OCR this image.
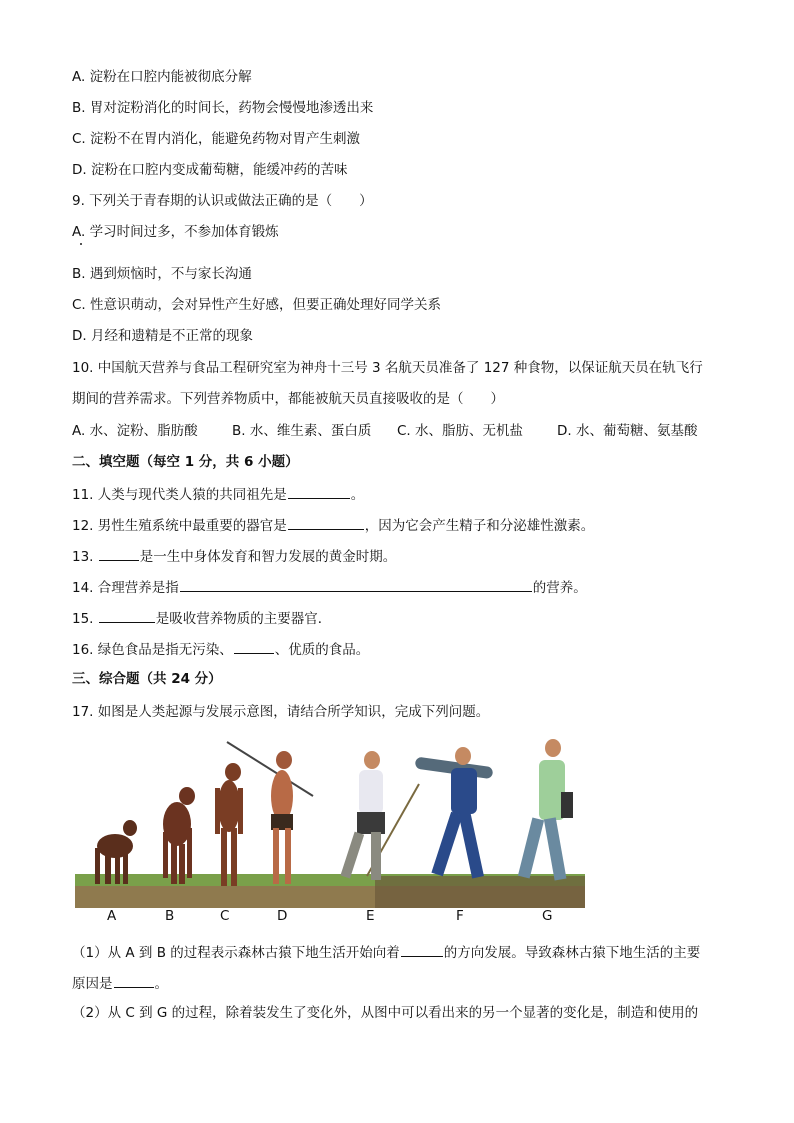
A. 淀粉在口腔内能被彻底分解
B. 胃对淀粉消化的时间长，药物会慢慢地渗透出来
C. 淀粉不在胃内消化，能避免药物对胃产生刺激
D. 淀粉在口腔内变成葡萄糖，能缓冲药的苦味
9. 下列关于青春期的认识或做法正确的是（　　）
A. 学习时间过多，不参加体育锻炼
B. 遇到烦恼时，不与家长沟通
C. 性意识萌动，会对异性产生好感，但要正确处理好同学关系
D. 月经和遗精是不正常的现象
10. 中国航天营养与食品工程研究室为神舟十三号 3 名航天员准备了 127 种食物，以保证航天员在轨飞行
期间的营养需求。下列营养物质中，都能被航天员直接吸收的是（　　）
A. 水、淀粉、脂肪酸	B. 水、维生素、蛋白质 C. 水、脂肪、无机盐	D. 水、葡萄糖、氨基酸
二、填空题（每空 1 分，共 6 小题）
11. 人类与现代类人猿的共同祖先是	。
12. 男性生殖系统中最重要的器官是	，因为它会产生精子和分泌雄性激素。
13.	是一生中身体发育和智力发展的黄金时期。
14. 合理营养是指	的营养。
15.	是吸收营养物质的主要器官．
16. 绿色食品是指无污染、	、优质的食品。
三、综合题（共 24 分）
17. 如图是人类起源与发展示意图，请结合所学知识，完成下列问题。
A	B	C	D	E	F	G
（1）从 A 到 B 的过程表示森林古猿下地生活开始向着	的方向发展。导致森林古猿下地生活的主要
原因是	。
（2）从 C 到 G 的过程，除着装发生了变化外，从图中可以看出来的另一个显著的变化是，制造和使用的
